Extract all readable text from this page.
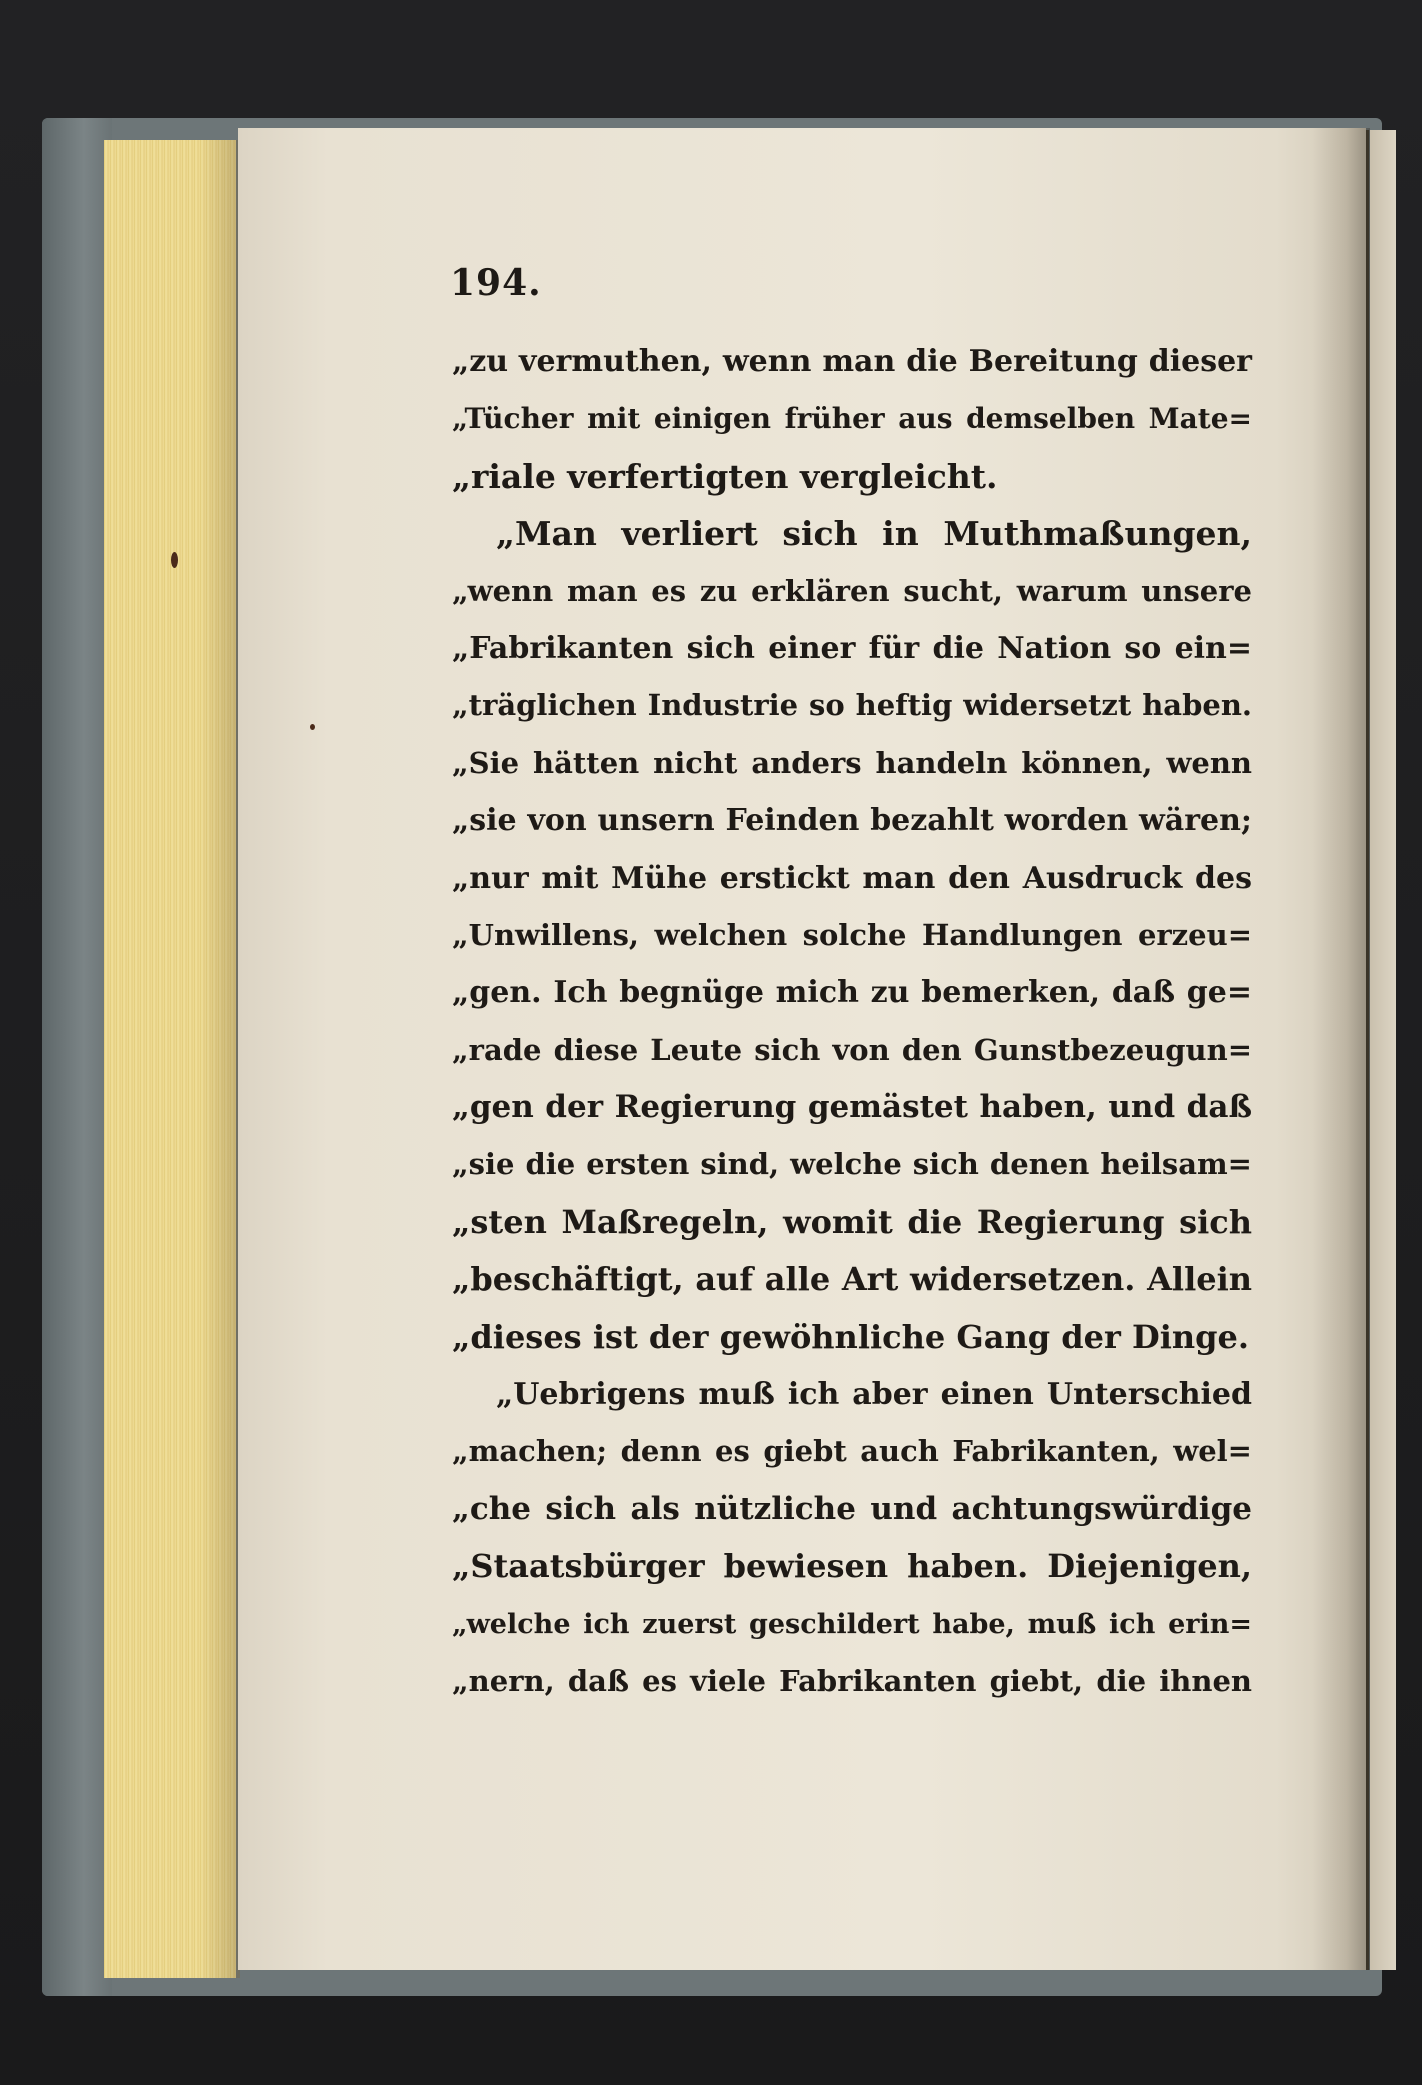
194.
„zu vermuthen, wenn man die Bereitung dieser
„Tücher mit einigen früher aus demselben Mate=
„riale verfertigten vergleicht.
„Man verliert sich in Muthmaßungen,
„wenn man es zu erklären sucht, warum unsere
„Fabrikanten sich einer für die Nation so ein=
„träglichen Industrie so heftig widersetzt haben.
„Sie hätten nicht anders handeln können, wenn
„sie von unsern Feinden bezahlt worden wären;
„nur mit Mühe erstickt man den Ausdruck des
„Unwillens, welchen solche Handlungen erzeu=
„gen. Ich begnüge mich zu bemerken, daß ge=
„rade diese Leute sich von den Gunstbezeugun=
„gen der Regierung gemästet haben, und daß
„sie die ersten sind, welche sich denen heilsam=
„sten Maßregeln, womit die Regierung sich
„beschäftigt, auf alle Art widersetzen. Allein
„dieses ist der gewöhnliche Gang der Dinge.
„Uebrigens muß ich aber einen Unterschied
„machen; denn es giebt auch Fabrikanten, wel=
„che sich als nützliche und achtungswürdige
„Staatsbürger bewiesen haben. Diejenigen,
„welche ich zuerst geschildert habe, muß ich erin=
„nern, daß es viele Fabrikanten giebt, die ihnen
